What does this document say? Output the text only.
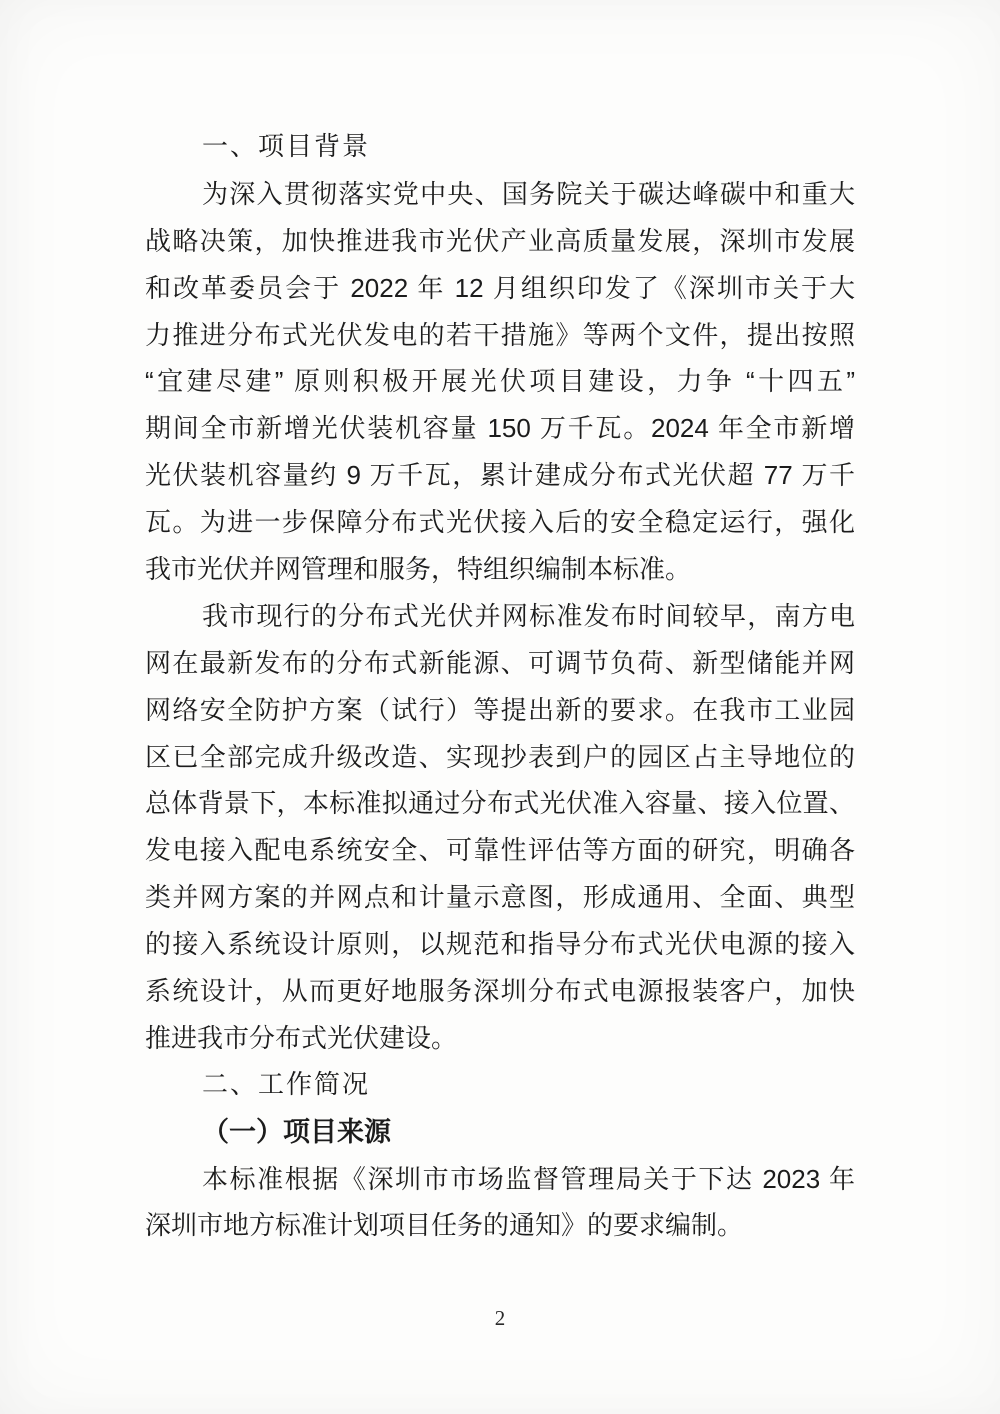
一、项目背景
为深入贯彻落实党中央、国务院关于碳达峰碳中和重大
战略决策，加快推进我市光伏产业高质量发展，深圳市发展
和改革委员会于 2022 年 12 月组织印发了《深圳市关于大
力推进分布式光伏发电的若干措施》等两个文件，提出按照
“宜建尽建” 原则积极开展光伏项目建设，力争 “十四五”
期间全市新增光伏装机容量 150 万千瓦。2024 年全市新增
光伏装机容量约 9 万千瓦，累计建成分布式光伏超 77 万千
瓦。为进一步保障分布式光伏接入后的安全稳定运行，强化
我市光伏并网管理和服务，特组织编制本标准。
我市现行的分布式光伏并网标准发布时间较早，南方电
网在最新发布的分布式新能源、可调节负荷、新型储能并网
网络安全防护方案（试行）等提出新的要求。在我市工业园
区已全部完成升级改造、实现抄表到户的园区占主导地位的
总体背景下，本标准拟通过分布式光伏准入容量、接入位置、
发电接入配电系统安全、可靠性评估等方面的研究，明确各
类并网方案的并网点和计量示意图，形成通用、全面、典型
的接入系统设计原则，以规范和指导分布式光伏电源的接入
系统设计，从而更好地服务深圳分布式电源报装客户，加快
推进我市分布式光伏建设。
二、工作简况
（一）项目来源
本标准根据《深圳市市场监督管理局关于下达 2023 年
深圳市地方标准计划项目任务的通知》的要求编制。
2
